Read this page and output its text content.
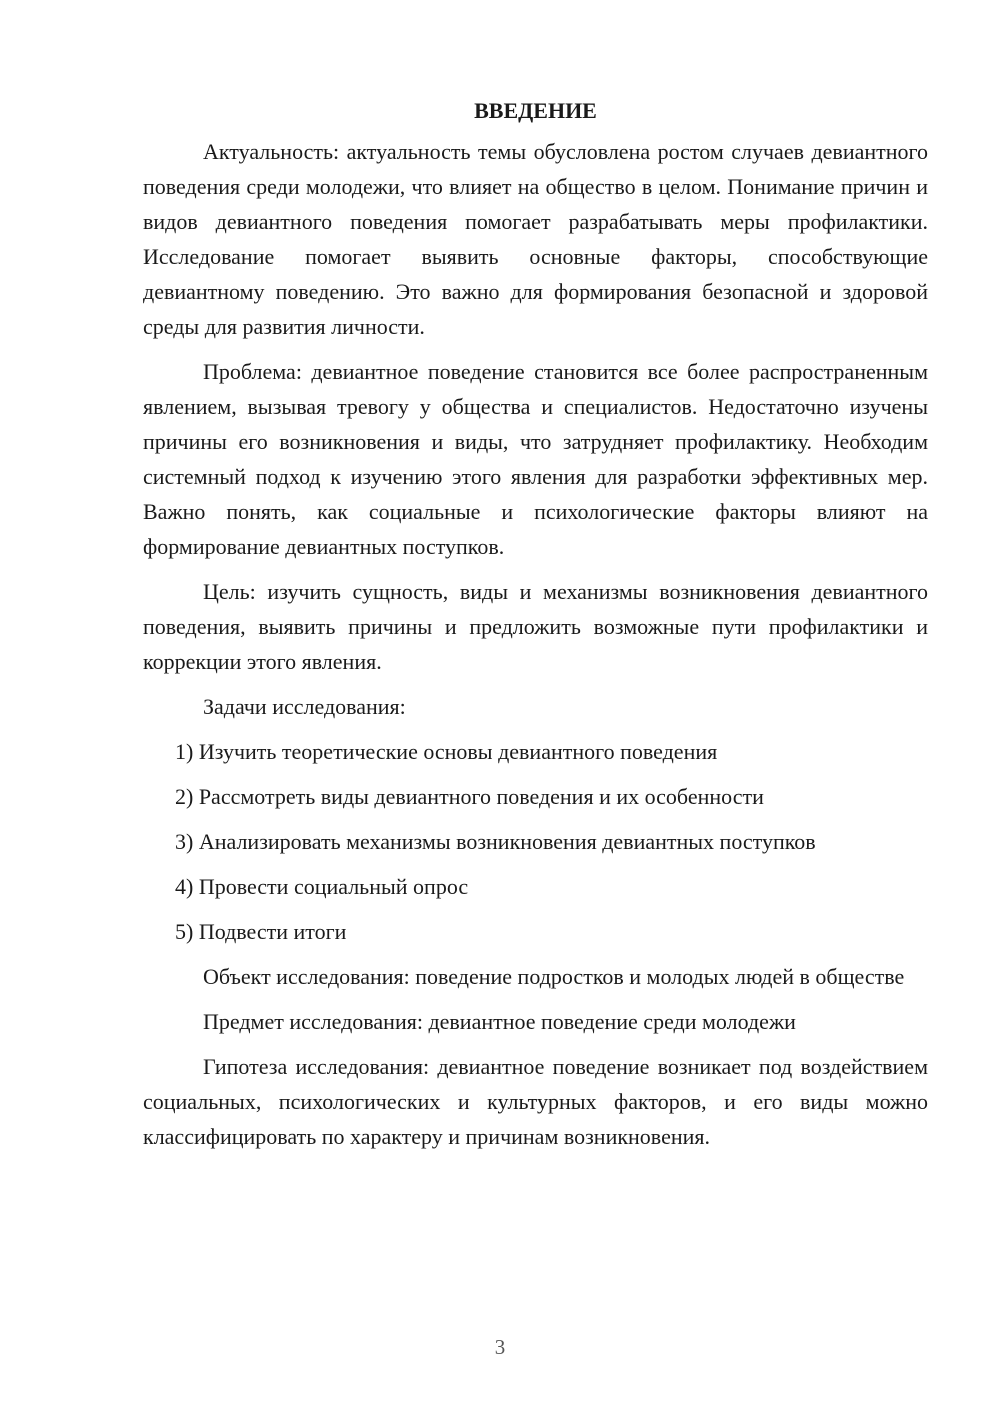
ВВЕДЕНИЕ

Актуальность: актуальность темы обусловлена ростом случаев девиантного поведения среди молодежи, что влияет на общество в целом. Понимание причин и видов девиантного поведения помогает разрабатывать меры профилактики. Исследование помогает выявить основные факторы, способствующие девиантному поведению. Это важно для формирования безопасной и здоровой среды для развития личности.

Проблема: девиантное поведение становится все более распространенным явлением, вызывая тревогу у общества и специалистов. Недостаточно изучены причины его возникновения и виды, что затрудняет профилактику. Необходим системный подход к изучению этого явления для разработки эффективных мер. Важно понять, как социальные и психологические факторы влияют на формирование девиантных поступков.

Цель: изучить сущность, виды и механизмы возникновения девиантного поведения, выявить причины и предложить возможные пути профилактики и коррекции этого явления.

Задачи исследования:

1) Изучить теоретические основы девиантного поведения
2) Рассмотреть виды девиантного поведения и их особенности
3) Анализировать механизмы возникновения девиантных поступков
4) Провести социальный опрос
5) Подвести итоги

Объект исследования: поведение подростков и молодых людей в обществе

Предмет исследования: девиантное поведение среди молодежи

Гипотеза исследования: девиантное поведение возникает под воздействием социальных, психологических и культурных факторов, и его виды можно классифицировать по характеру и причинам возникновения.

3
